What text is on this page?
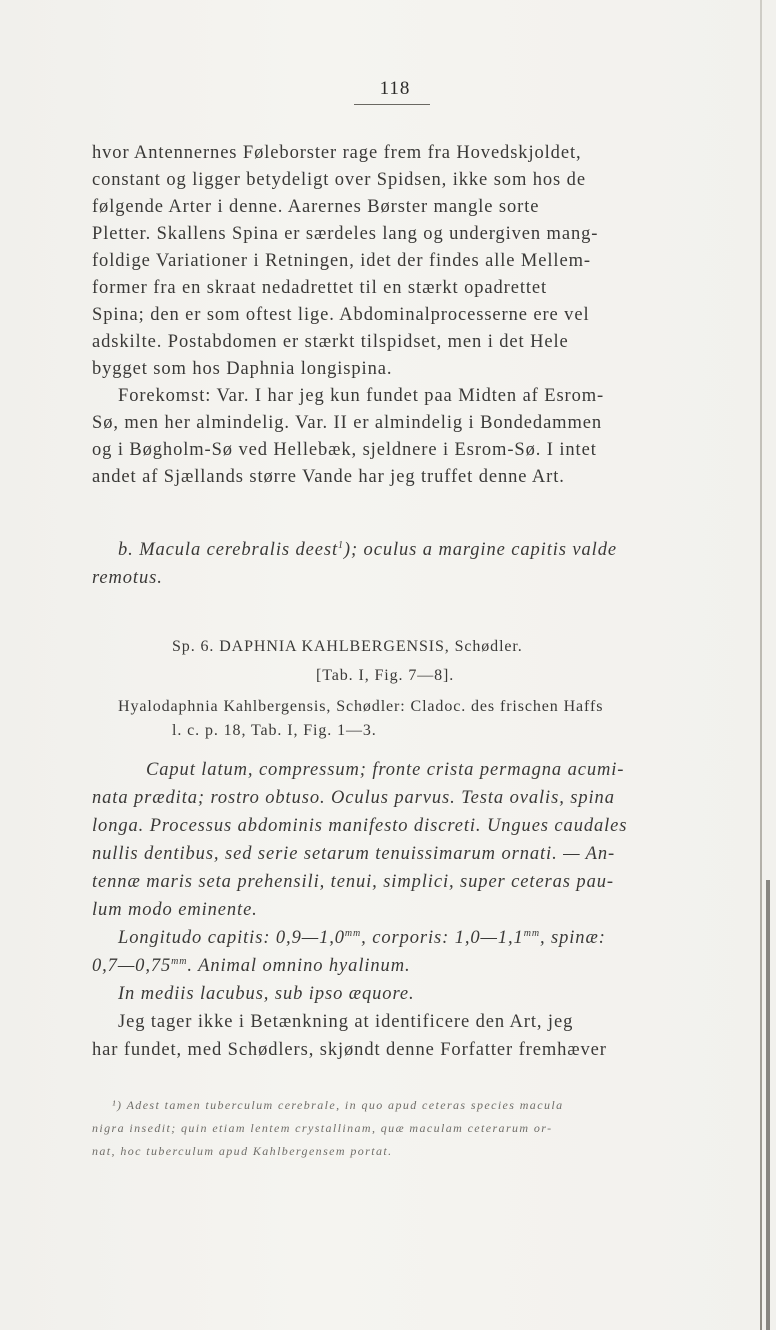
118
hvor Antennernes Føleborster rage frem fra Hovedskjoldet,
constant og ligger betydeligt over Spidsen, ikke som hos de
følgende Arter i denne. Aarernes Børster mangle sorte
Pletter. Skallens Spina er særdeles lang og undergiven mang-
foldige Variationer i Retningen, idet der findes alle Mellem-
former fra en skraat nedadrettet til en stærkt opadrettet
Spina; den er som oftest lige. Abdominalprocesserne ere vel
adskilte. Postabdomen er stærkt tilspidset, men i det Hele
bygget som hos Daphnia longispina.
Forekomst: Var. I har jeg kun fundet paa Midten af Esrom-
Sø, men her almindelig. Var. II er almindelig i Bondedammen
og i Bøgholm-Sø ved Hellebæk, sjeldnere i Esrom-Sø. I intet
andet af Sjællands større Vande har jeg truffet denne Art.
b. Macula cerebralis deest$^1$); oculus a margine capitis valde
remotus.
Sp. 6. DAPHNIA KAHLBERGENSIS, Schødler.
[Tab. I, Fig. 7—8].
Hyalodaphnia Kahlbergensis, Schødler: Cladoc. des frischen Haffs
l. c. p. 18, Tab. I, Fig. 1—3.
Caput latum, compressum; fronte crista permagna acumi-
nata prædita; rostro obtuso. Oculus parvus. Testa ovalis, spina
longa. Processus abdominis manifesto discreti. Ungues caudales
nullis dentibus, sed serie setarum tenuissimarum ornati. — An-
tennæ maris seta prehensili, tenui, simplici, super ceteras pau-
lum modo eminente.
Longitudo capitis: $0,9—1,0^{mm}$, corporis: $1,0—1,1^{mm}$, spinæ:
$0,7—0,75^{mm}$. Animal omnino hyalinum.
In mediis lacubus, sub ipso æquore.
Jeg tager ikke i Betænkning at identificere den Art, jeg
har fundet, med Schødlers, skjøndt denne Forfatter fremhæver
¹) Adest tamen tuberculum cerebrale, in quo apud ceteras species macula
nigra insedit; quin etiam lentem crystallinam, quæ maculam ceterarum or-
nat, hoc tuberculum apud Kahlbergensem portat.
